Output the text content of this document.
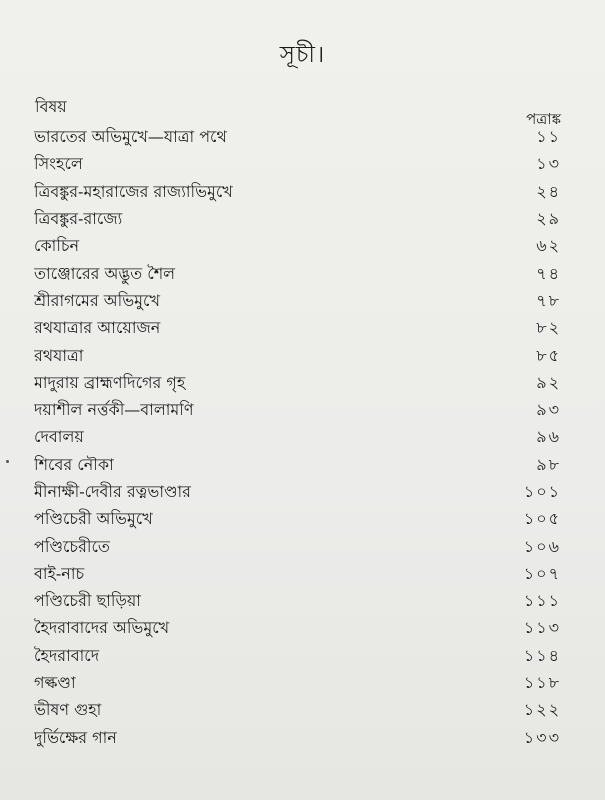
সূচী।
বিষয়
পত্রাঙ্ক
ভারতের অভিমুখে—যাত্রা পথে	১১
সিংহলে	১৩
ত্রিবঙ্কুর-মহারাজের রাজ্যাভিমুখে	২৪
ত্রিবঙ্কুর-রাজ্যে	২৯
কোচিন	৬২
তাঞ্জোরের অদ্ভুত শৈল	৭৪
শ্রীরাগমের অভিমুখে	৭৮
রথযাত্রার আয়োজন	৮২
রথযাত্রা	৮৫
মাদুরায় ব্রাহ্মণদিগের গৃহ	৯২
দয়াশীল নর্ত্তকী—বালামণি	৯৩
দেবালয়	৯৬
শিবের নৌকা	৯৮
মীনাক্ষী-দেবীর রত্নভাণ্ডার	১০১
পণ্ডিচেরী অভিমুখে	১০৫
পণ্ডিচেরীতে	১০৬
বাই-নাচ	১০৭
পণ্ডিচেরী ছাড়িয়া	১১১
হৈদরাবাদের অভিমুখে	১১৩
হৈদরাবাদে	১১৪
গল্কণ্ডা	১১৮
ভীষণ গুহা	১২২
দুর্ভিক্ষের গান	১৩৩
